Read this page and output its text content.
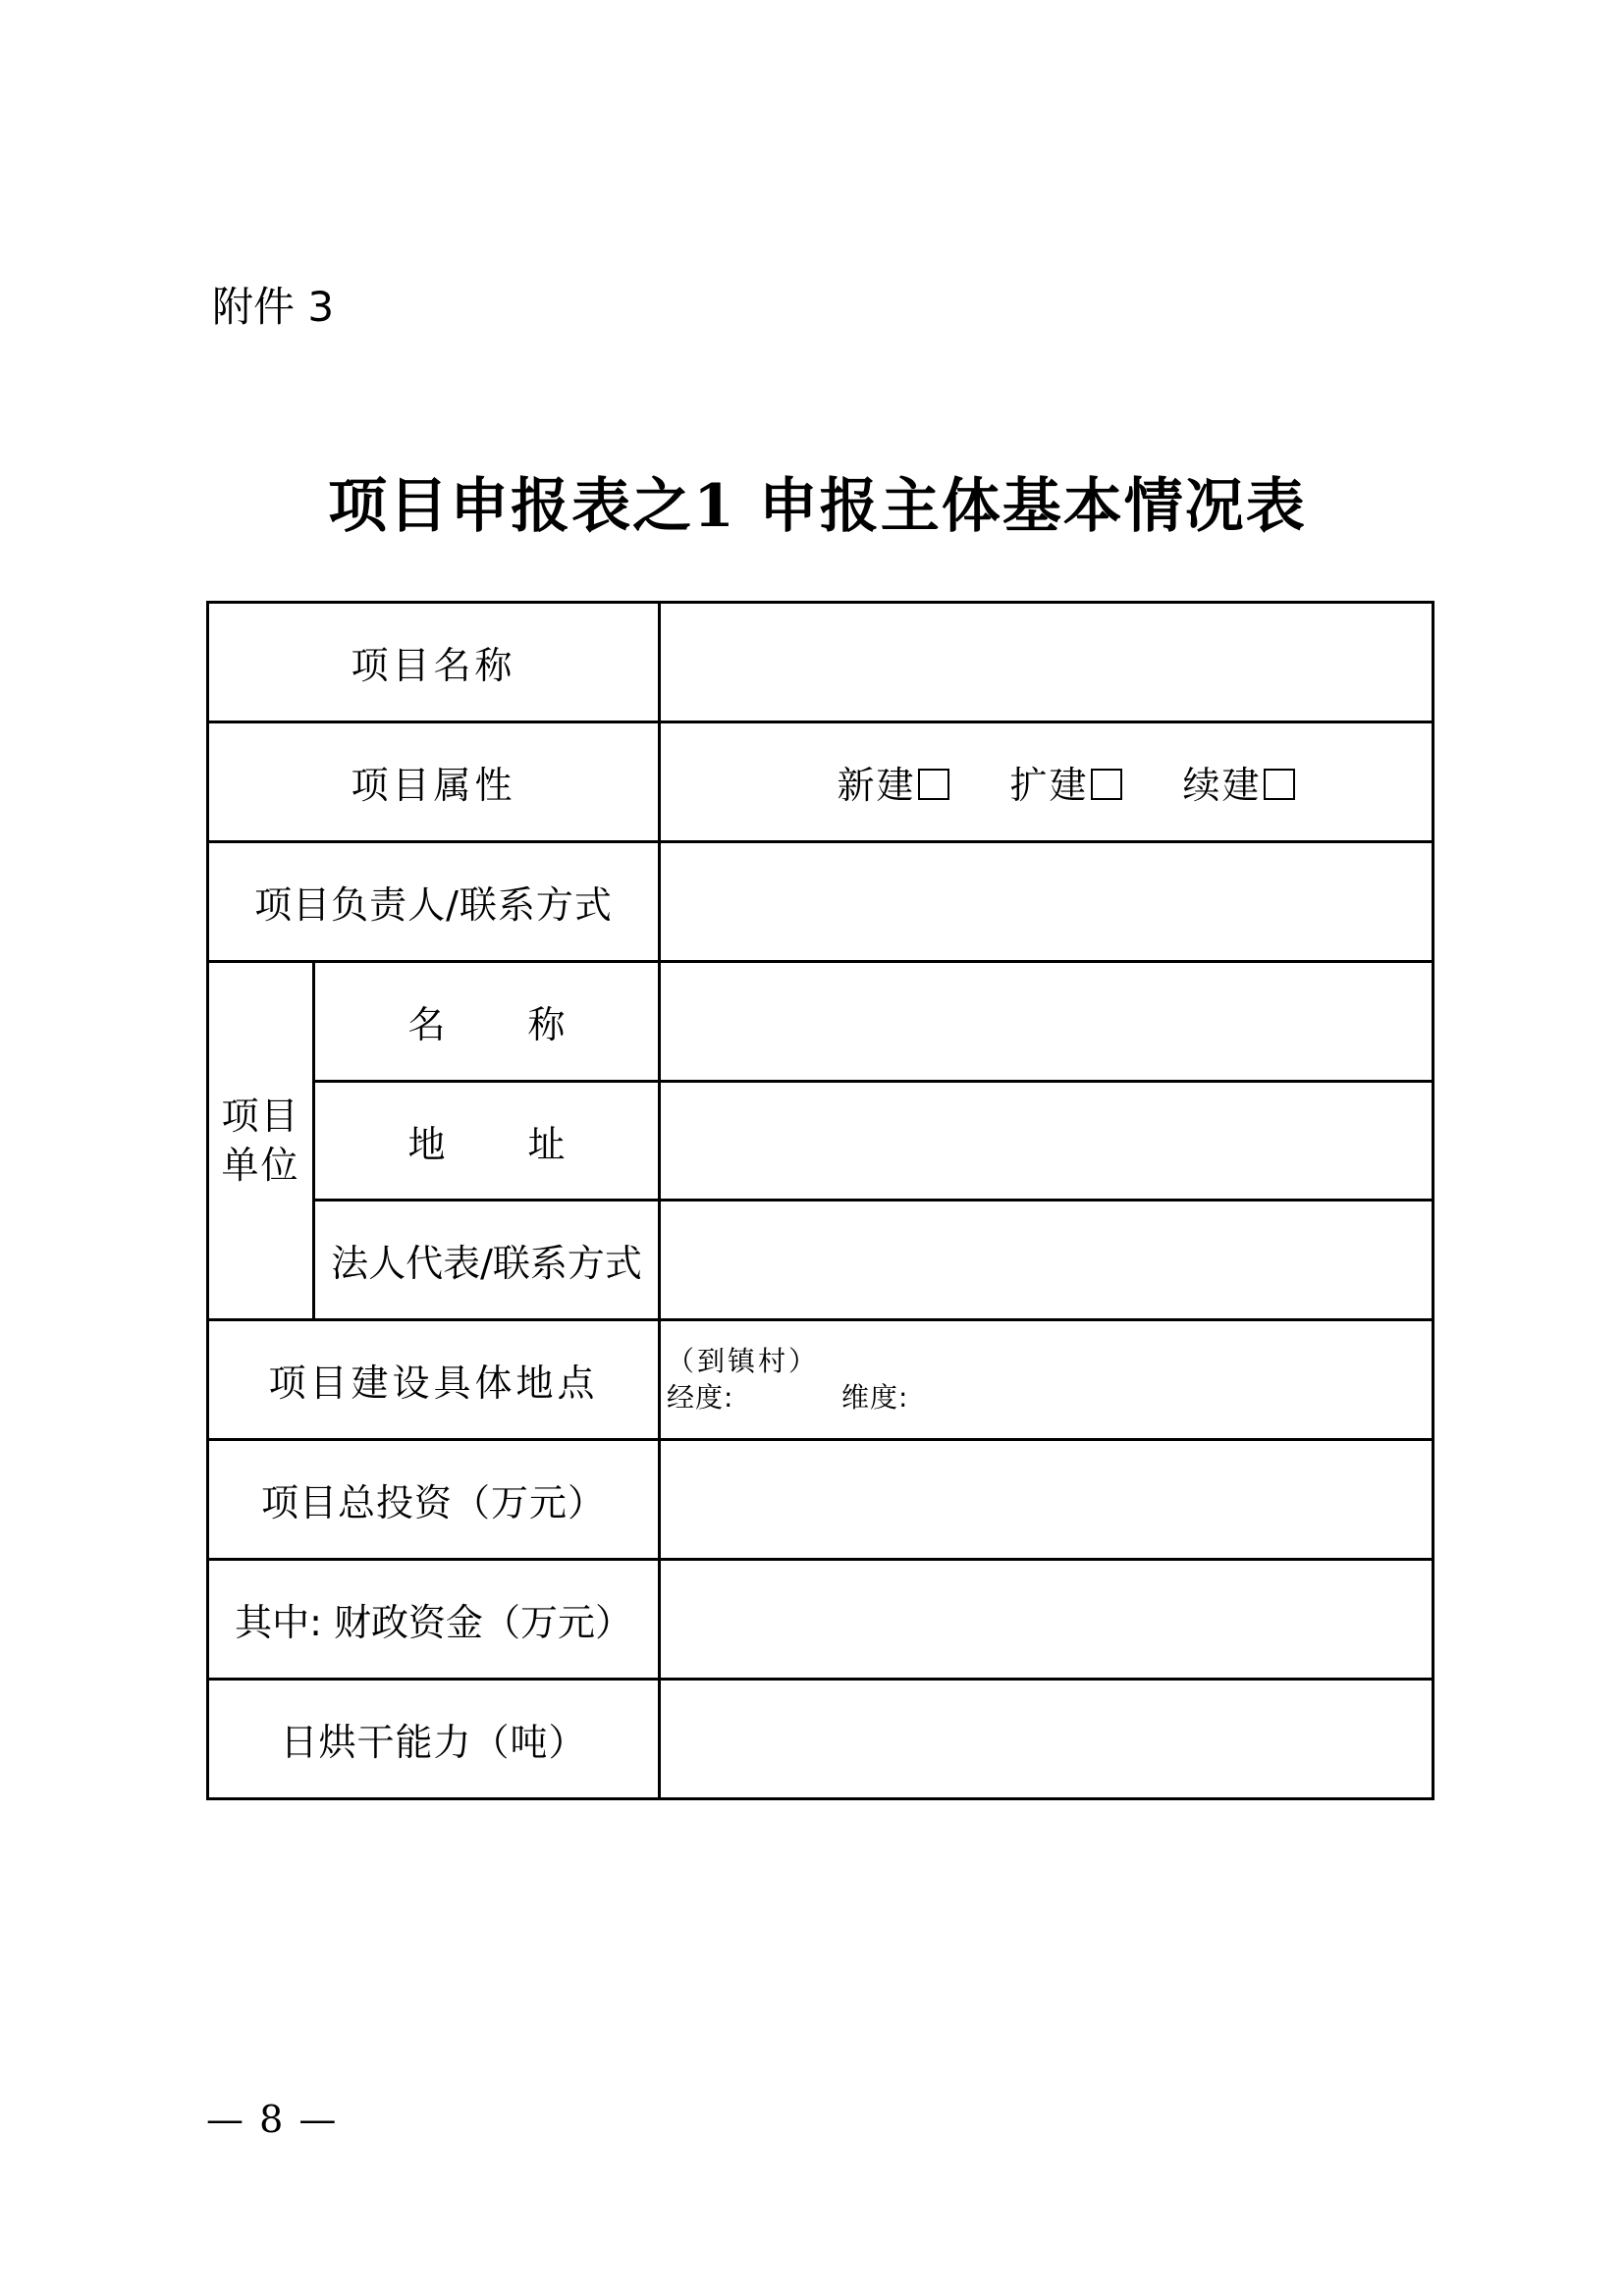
附件 3

项目申报表之1 申报主体基本情况表
项目名称		
项目属性		新建 扩建 续建

项目负责人/联系方式		
项目单位	名称	
	地址	
	法人代表/联系方式	
项目建设具体地点		（到镇村）
经度: 维度:

项目总投资（万元）		
其中: 财政资金（万元）		
日烘干能力（吨）		

— 8 —
